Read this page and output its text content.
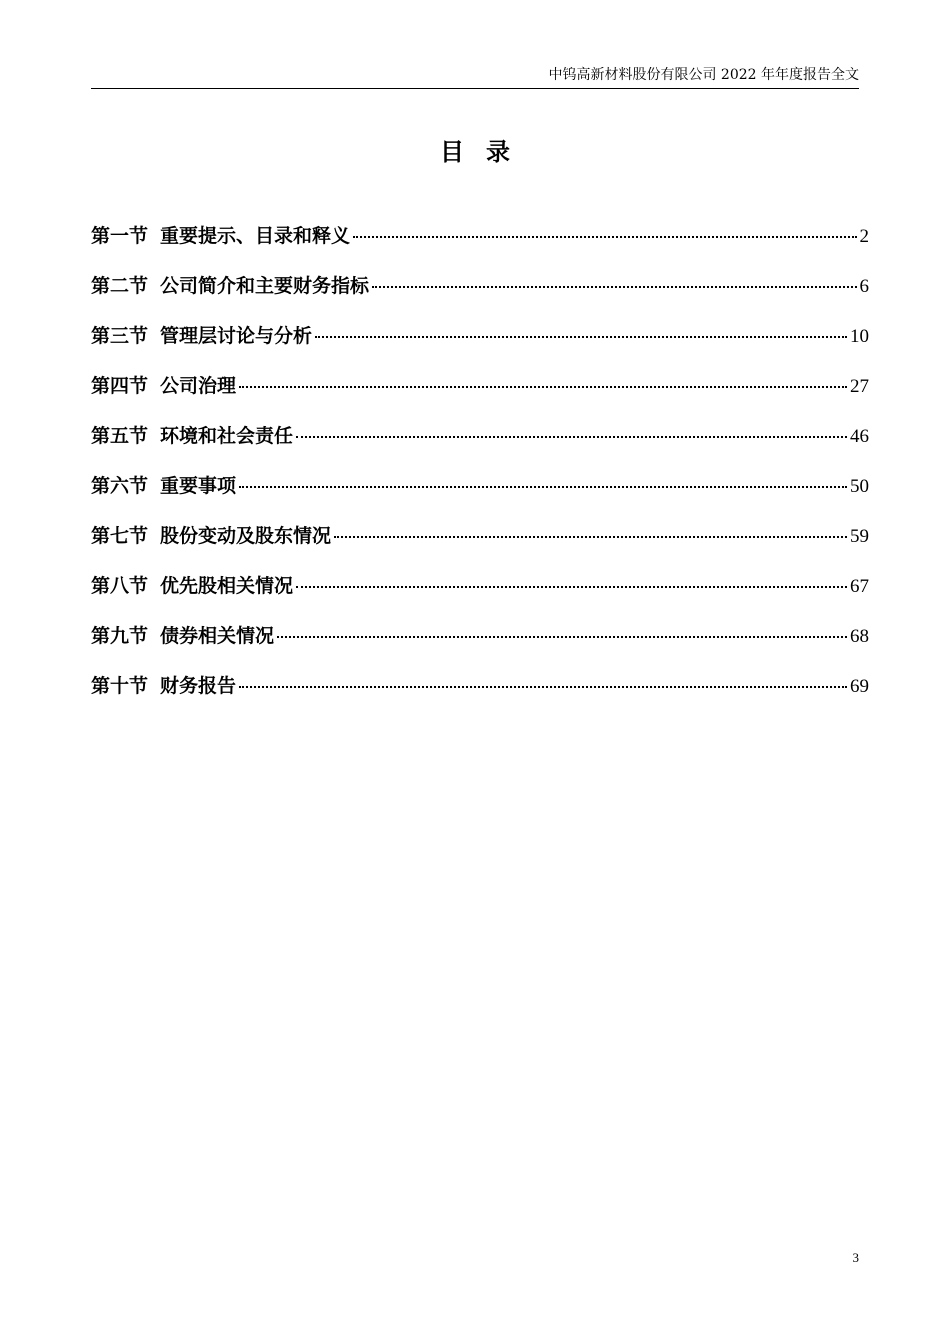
中钨高新材料股份有限公司 2022 年年度报告全文
目录
第一节 重要提示、目录和释义	2
第二节 公司简介和主要财务指标	6
第三节 管理层讨论与分析	10
第四节 公司治理	27
第五节 环境和社会责任	46
第六节 重要事项	50
第七节 股份变动及股东情况	59
第八节 优先股相关情况	67
第九节 债券相关情况	68
第十节 财务报告	69
3
